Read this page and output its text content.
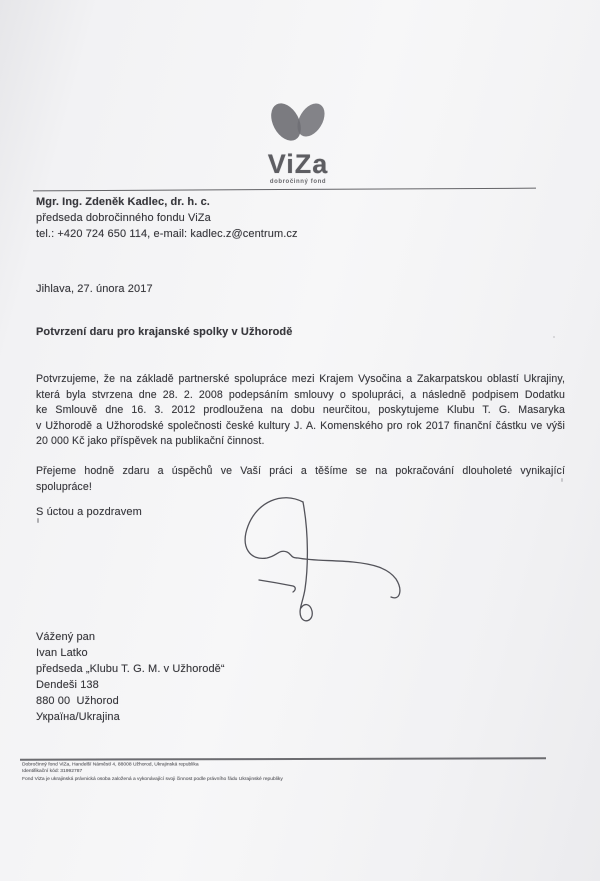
ViZa
dobročinný fond
Mgr. Ing. Zdeněk Kadlec, dr. h. c.
předseda dobročinného fondu ViZa
tel.: +420 724 650 114, e-mail: kadlec.z@centrum.cz
Jihlava, 27. února 2017
Potvrzení daru pro krajanské spolky v Užhorodě
Potvrzujeme, že na základě partnerské spolupráce mezi Krajem Vysočina a Zakarpatskou oblastí Ukrajiny,
která byla stvrzena dne 28. 2. 2008 podepsáním smlouvy o spolupráci, a následně podpisem Dodatku
ke Smlouvě dne 16. 3. 2012 prodloužena na dobu neurčitou, poskytujeme Klubu T. G. Masaryka
v Užhorodě a Užhorodské společnosti české kultury J. A. Komenského pro rok 2017 finanční částku ve výši
20 000 Kč jako příspěvek na publikační činnost.
Přejeme hodně zdaru a úspěchů ve Vaší práci a těšíme se na pokračování dlouholeté vynikající
spolupráce!
S úctou a pozdravem
Vážený pan
Ivan Latko
předseda „Klubu T. G. M. v Užhorodě“
Dendeši 138
880 00  Užhorod
Україна/Ukrajina
Dobročinný fond ViZa, Handelší Náměstí 4, 88008 Užhorod, Ukrajinská republika
Identifikační kód: 31992787
Fond ViZa je ukrajinská právnická osoba založená a vykonávající svoji činnost podle právního řádu Ukrajinské republiky
